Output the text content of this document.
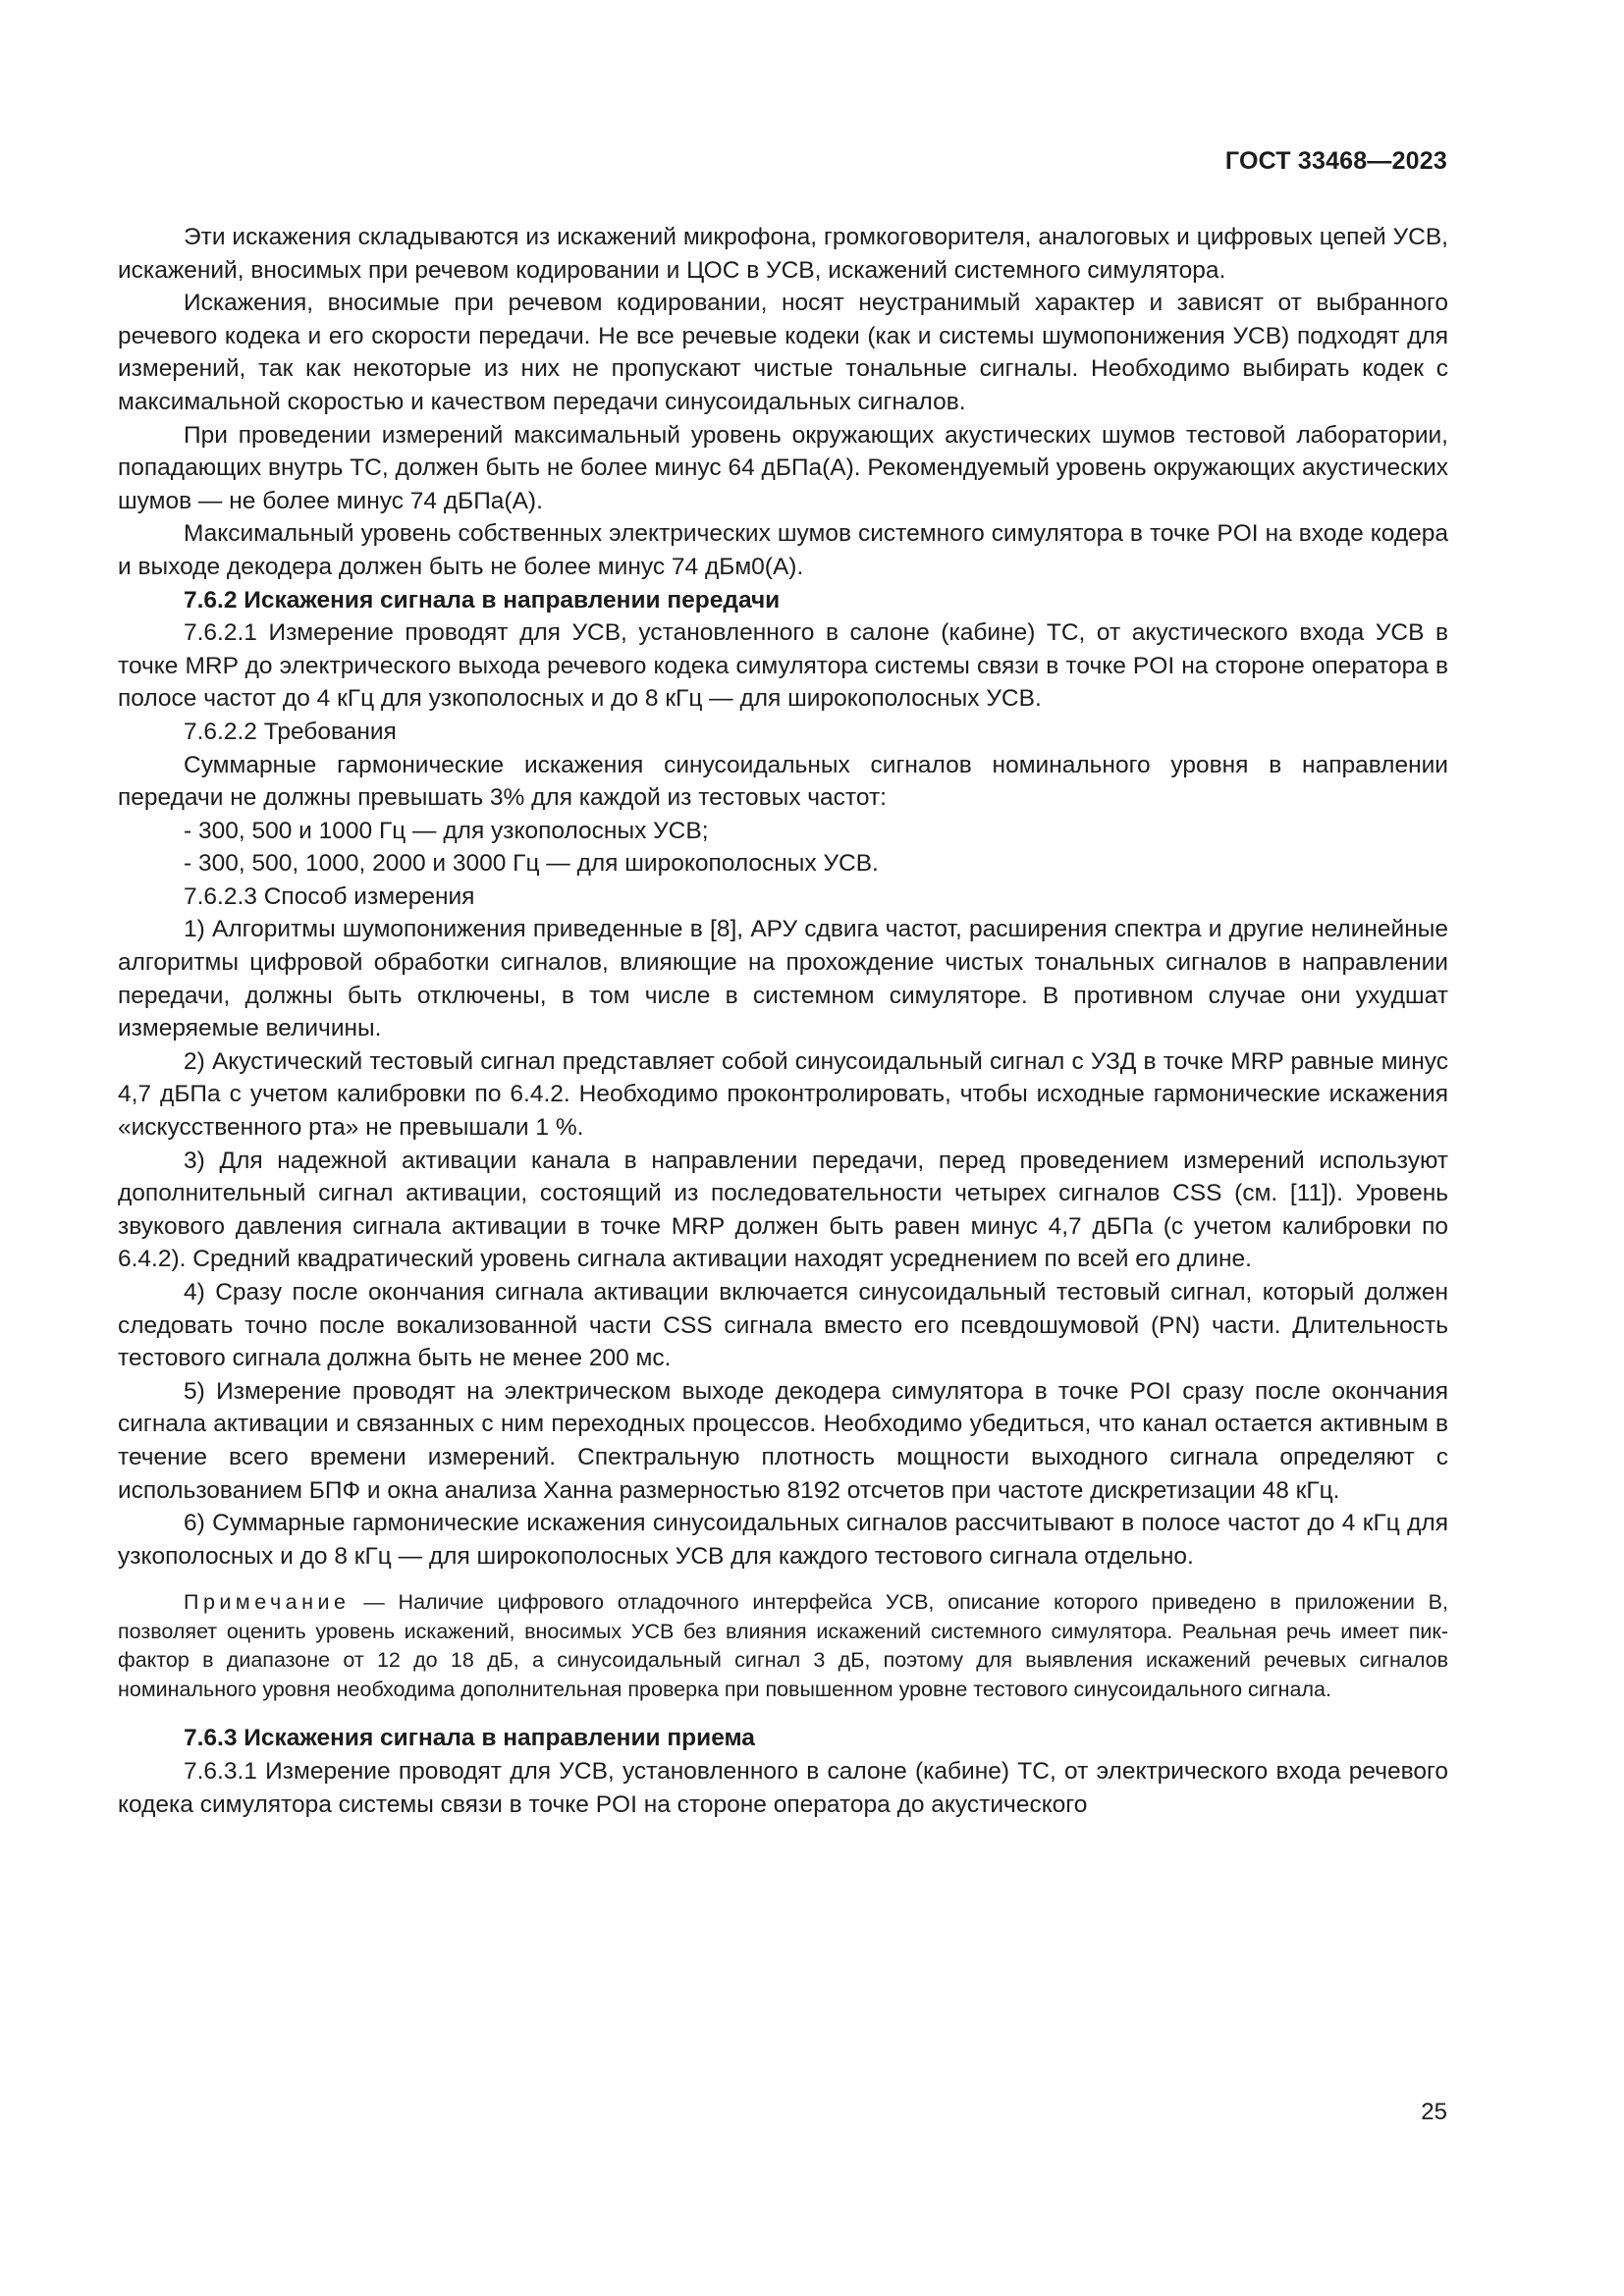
ГОСТ 33468—2023

Эти искажения складываются из искажений микрофона, громкоговорителя, аналоговых и цифровых цепей УСВ, искажений, вносимых при речевом кодировании и ЦОС в УСВ, искажений системного симулятора.

Искажения, вносимые при речевом кодировании, носят неустранимый характер и зависят от выбранного речевого кодека и его скорости передачи. Не все речевые кодеки (как и системы шумопонижения УСВ) подходят для измерений, так как некоторые из них не пропускают чистые тональные сигналы. Необходимо выбирать кодек с максимальной скоростью и качеством передачи синусоидальных сигналов.

При проведении измерений максимальный уровень окружающих акустических шумов тестовой лаборатории, попадающих внутрь ТС, должен быть не более минус 64 дБПа(А). Рекомендуемый уровень окружающих акустических шумов — не более минус 74 дБПа(А).

Максимальный уровень собственных электрических шумов системного симулятора в точке POI на входе кодера и выходе декодера должен быть не более минус 74 дБм0(А).

7.6.2 Искажения сигнала в направлении передачи

7.6.2.1 Измерение проводят для УСВ, установленного в салоне (кабине) ТС, от акустического входа УСВ в точке MRP до электрического выхода речевого кодека симулятора системы связи в точке POI на стороне оператора в полосе частот до 4 кГц для узкополосных и до 8 кГц — для широкополосных УСВ.

7.6.2.2 Требования

Суммарные гармонические искажения синусоидальных сигналов номинального уровня в направлении передачи не должны превышать 3% для каждой из тестовых частот:

- 300, 500 и 1000 Гц — для узкополосных УСВ;

- 300, 500, 1000, 2000 и 3000 Гц — для широкополосных УСВ.

7.6.2.3 Способ измерения

1) Алгоритмы шумопонижения приведенные в [8], АРУ сдвига частот, расширения спектра и другие нелинейные алгоритмы цифровой обработки сигналов, влияющие на прохождение чистых тональных сигналов в направлении передачи, должны быть отключены, в том числе в системном симуляторе. В противном случае они ухудшат измеряемые величины.

2) Акустический тестовый сигнал представляет собой синусоидальный сигнал с УЗД в точке MRP равные минус 4,7 дБПа с учетом калибровки по 6.4.2. Необходимо проконтролировать, чтобы исходные гармонические искажения «искусственного рта» не превышали 1 %.

3) Для надежной активации канала в направлении передачи, перед проведением измерений используют дополнительный сигнал активации, состоящий из последовательности четырех сигналов CSS (см. [11]). Уровень звукового давления сигнала активации в точке MRP должен быть равен минус 4,7 дБПа (с учетом калибровки по 6.4.2). Средний квадратический уровень сигнала активации находят усреднением по всей его длине.

4) Сразу после окончания сигнала активации включается синусоидальный тестовый сигнал, который должен следовать точно после вокализованной части CSS сигнала вместо его псевдошумовой (PN) части. Длительность тестового сигнала должна быть не менее 200 мс.

5) Измерение проводят на электрическом выходе декодера симулятора в точке POI сразу после окончания сигнала активации и связанных с ним переходных процессов. Необходимо убедиться, что канал остается активным в течение всего времени измерений. Спектральную плотность мощности выходного сигнала определяют с использованием БПФ и окна анализа Ханна размерностью 8192 отсчетов при частоте дискретизации 48 кГц.

6) Суммарные гармонические искажения синусоидальных сигналов рассчитывают в полосе частот до 4 кГц для узкополосных и до 8 кГц — для широкополосных УСВ для каждого тестового сигнала отдельно.

Примечание — Наличие цифрового отладочного интерфейса УСВ, описание которого приведено в приложении В, позволяет оценить уровень искажений, вносимых УСВ без влияния искажений системного симулятора. Реальная речь имеет пик-фактор в диапазоне от 12 до 18 дБ, а синусоидальный сигнал 3 дБ, поэтому для выявления искажений речевых сигналов номинального уровня необходима дополнительная проверка при повышенном уровне тестового синусоидального сигнала.

7.6.3 Искажения сигнала в направлении приема

7.6.3.1 Измерение проводят для УСВ, установленного в салоне (кабине) ТС, от электрического входа речевого кодека симулятора системы связи в точке POI на стороне оператора до акустического

25
